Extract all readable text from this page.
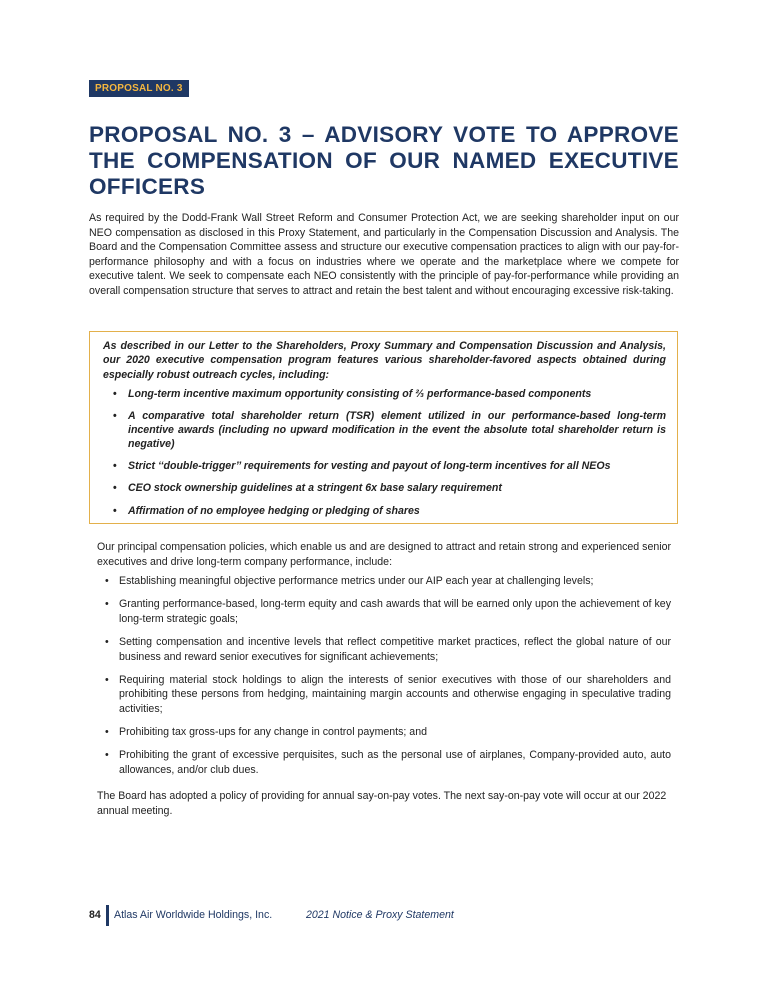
PROPOSAL NO. 3
PROPOSAL NO. 3 – ADVISORY VOTE TO APPROVE THE COMPENSATION OF OUR NAMED EXECUTIVE OFFICERS

As required by the Dodd-Frank Wall Street Reform and Consumer Protection Act, we are seeking shareholder input on our NEO compensation as disclosed in this Proxy Statement, and particularly in the Compensation Discussion and Analysis. The Board and the Compensation Committee assess and structure our executive compensation practices to align with our pay-for-performance philosophy and with a focus on industries where we operate and the marketplace where we compete for executive talent. We seek to compensate each NEO consistently with the principle of pay-for-performance while providing an overall compensation structure that serves to attract and retain the best talent and without encouraging excessive risk-taking.

As described in our Letter to the Shareholders, Proxy Summary and Compensation Discussion and Analysis, our 2020 executive compensation program features various shareholder-favored aspects obtained during especially robust outreach cycles, including:

• Long-term incentive maximum opportunity consisting of ⅔ performance-based components
• A comparative total shareholder return (TSR) element utilized in our performance-based long-term incentive awards (including no upward modification in the event the absolute total shareholder return is negative)
• Strict ‘‘double-trigger’’ requirements for vesting and payout of long-term incentives for all NEOs
• CEO stock ownership guidelines at a stringent 6x base salary requirement
• Affirmation of no employee hedging or pledging of shares

Our principal compensation policies, which enable us and are designed to attract and retain strong and experienced senior executives and drive long-term company performance, include:

• Establishing meaningful objective performance metrics under our AIP each year at challenging levels;
• Granting performance-based, long-term equity and cash awards that will be earned only upon the achievement of key long-term strategic goals;
• Setting compensation and incentive levels that reflect competitive market practices, reflect the global nature of our business and reward senior executives for significant achievements;
• Requiring material stock holdings to align the interests of senior executives with those of our shareholders and prohibiting these persons from hedging, maintaining margin accounts and otherwise engaging in speculative trading activities;
• Prohibiting tax gross-ups for any change in control payments; and
• Prohibiting the grant of excessive perquisites, such as the personal use of airplanes, Company-provided auto, auto allowances, and/or club dues.

The Board has adopted a policy of providing for annual say-on-pay votes. The next say-on-pay vote will occur at our 2022 annual meeting.

84 Atlas Air Worldwide Holdings, Inc.	2021 Notice & Proxy Statement
